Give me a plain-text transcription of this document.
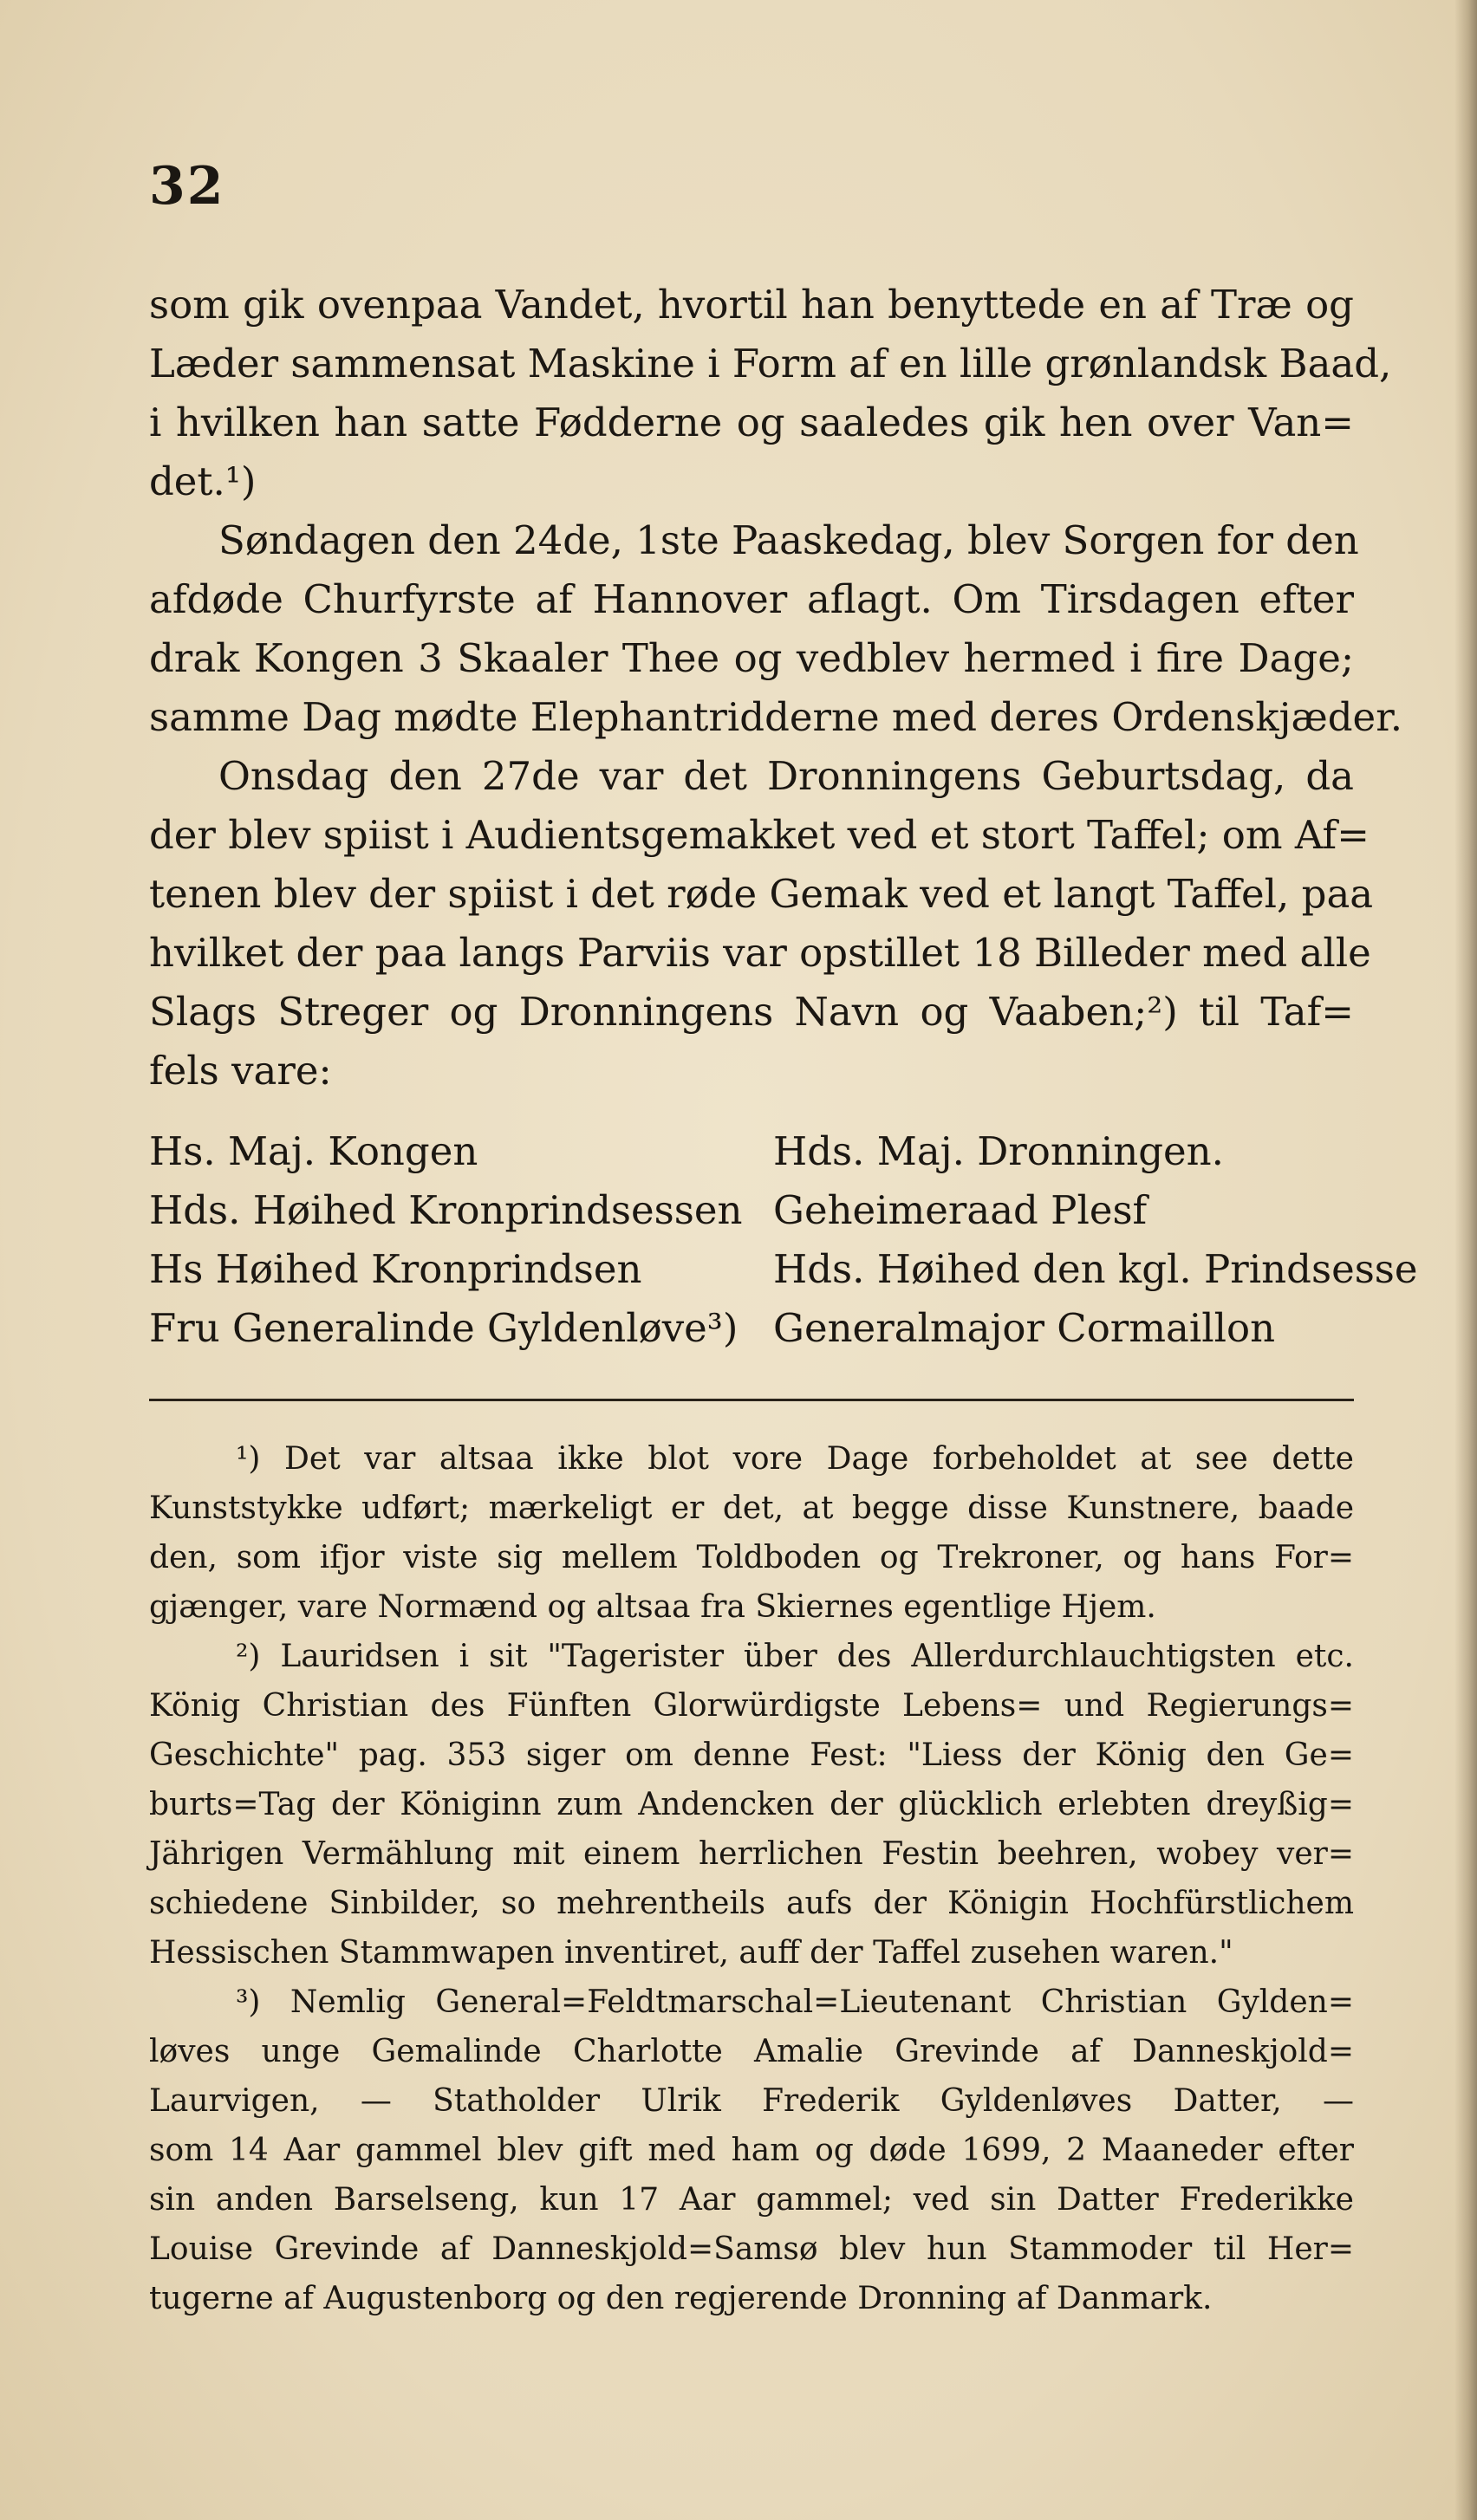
32
som gik ovenpaa Vandet, hvortil han benyttede en af Træ og
Læder sammensat Maskine i Form af en lille grønlandsk Baad,
i hvilken han satte Fødderne og saaledes gik hen over Van=
det.¹)
Søndagen den 24de, 1ste Paaskedag, blev Sorgen for den
afdøde Churfyrste af Hannover aflagt. Om Tirsdagen efter
drak Kongen 3 Skaaler Thee og vedblev hermed i fire Dage;
samme Dag mødte Elephantridderne med deres Ordenskjæder.
Onsdag den 27de var det Dronningens Geburtsdag, da
der blev spiist i Audientsgemakket ved et stort Taffel; om Af=
tenen blev der spiist i det røde Gemak ved et langt Taffel, paa
hvilket der paa langs Parviis var opstillet 18 Billeder med alle
Slags Streger og Dronningens Navn og Vaaben;²) til Taf=
fels vare:
Hs. Maj. Kongen	Hds. Maj. Dronningen.
Hds. Høihed Kronprindsessen Geheimeraad Plesf
Hs Høihed Kronprindsen	Hds. Høihed den kgl. Prindsesse
Fru Generalinde Gyldenløve³) Generalmajor Cormaillon
¹) Det var altsaa ikke blot vore Dage forbeholdet at see dette
Kunststykke udført; mærkeligt er det, at begge disse Kunstnere, baade
den, som ifjor viste sig mellem Toldboden og Trekroner, og hans For=
gjænger, vare Normænd og altsaa fra Skiernes egentlige Hjem.
²) Lauridsen i sit "Tagerister über des Allerdurchlauchtigsten etc.
König Christian des Fünften Glorwürdigste Lebens= und Regierungs=
Geschichte" pag. 353 siger om denne Fest: "Liess der König den Ge=
burts=Tag der Königinn zum Andencken der glücklich erlebten dreyßig=
Jährigen Vermählung mit einem herrlichen Festin beehren, wobey ver=
schiedene Sinbilder, so mehrentheils aufs der Königin Hochfürstlichem
Hessischen Stammwapen inventiret, auff der Taffel zusehen waren."
³) Nemlig General=Feldtmarschal=Lieutenant Christian Gylden=
løves unge Gemalinde Charlotte Amalie Grevinde af Danneskjold=
Laurvigen, — Statholder Ulrik Frederik Gyldenløves Datter, —
som 14 Aar gammel blev gift med ham og døde 1699, 2 Maaneder efter
sin anden Barselseng, kun 17 Aar gammel; ved sin Datter Frederikke
Louise Grevinde af Danneskjold=Samsø blev hun Stammoder til Her=
tugerne af Augustenborg og den regjerende Dronning af Danmark.
